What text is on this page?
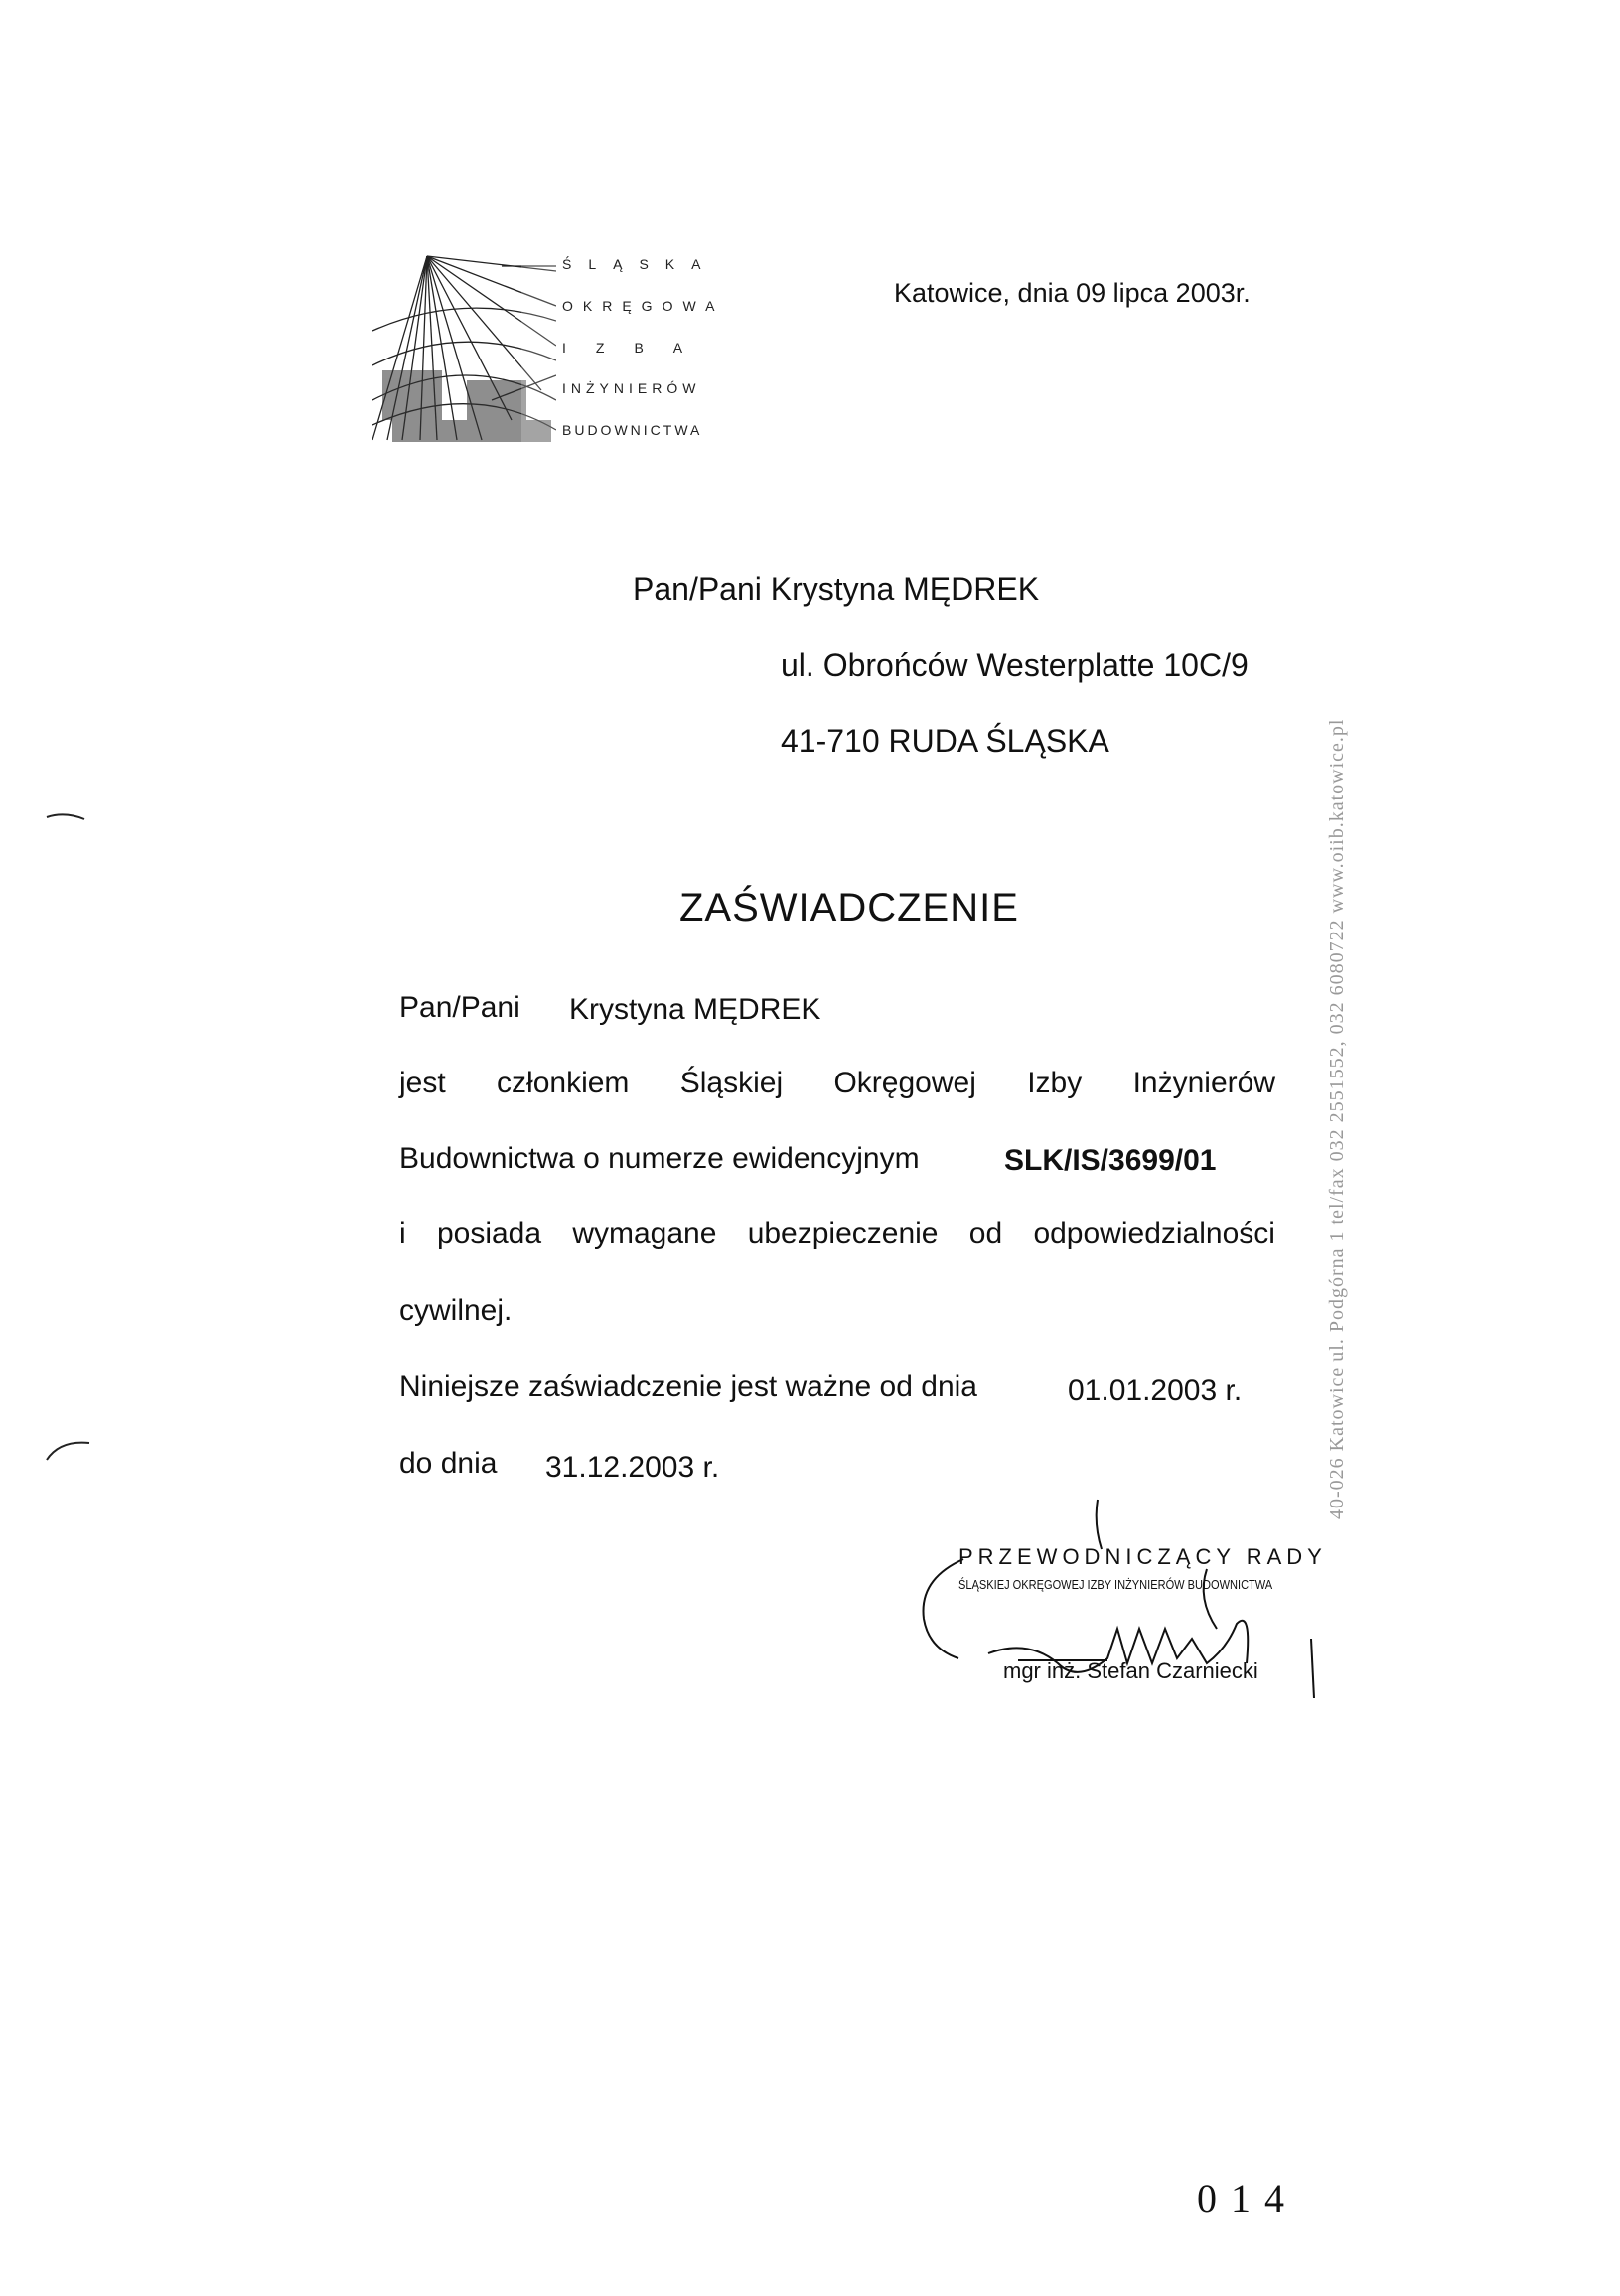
ŚLĄSKA
OKRĘGOWA
IZBA
INŻYNIERÓW
BUDOWNICTWA
Katowice, dnia 09 lipca 2003r.
Pan/Pani Krystyna MĘDREK
ul. Obrońców Westerplatte 10C/9
41-710 RUDA ŚLĄSKA
ZAŚWIADCZENIE
Pan/Pani Krystyna MĘDREK
jest członkiem Śląskiej Okręgowej Izby Inżynierów
Budownictwa o numerze ewidencyjnym	SLK/IS/3699/01
i posiada wymagane ubezpieczenie od odpowiedzialności
cywilnej.
Niniejsze zaświadczenie jest ważne od dnia	01.01.2003 r.
do dnia 31.12.2003 r.	40-026 Katowice ul. Podgórna 1 tel/fax 032 2551552, 032 6080722 www.oiib.katowice.pl
PRZEWODNICZĄCY RADY
ŚLĄSKIEJ OKRĘGOWEJ IZBY INŻYNIERÓW BUDOWNICTWA
mgr inż. Stefan Czarniecki
014
